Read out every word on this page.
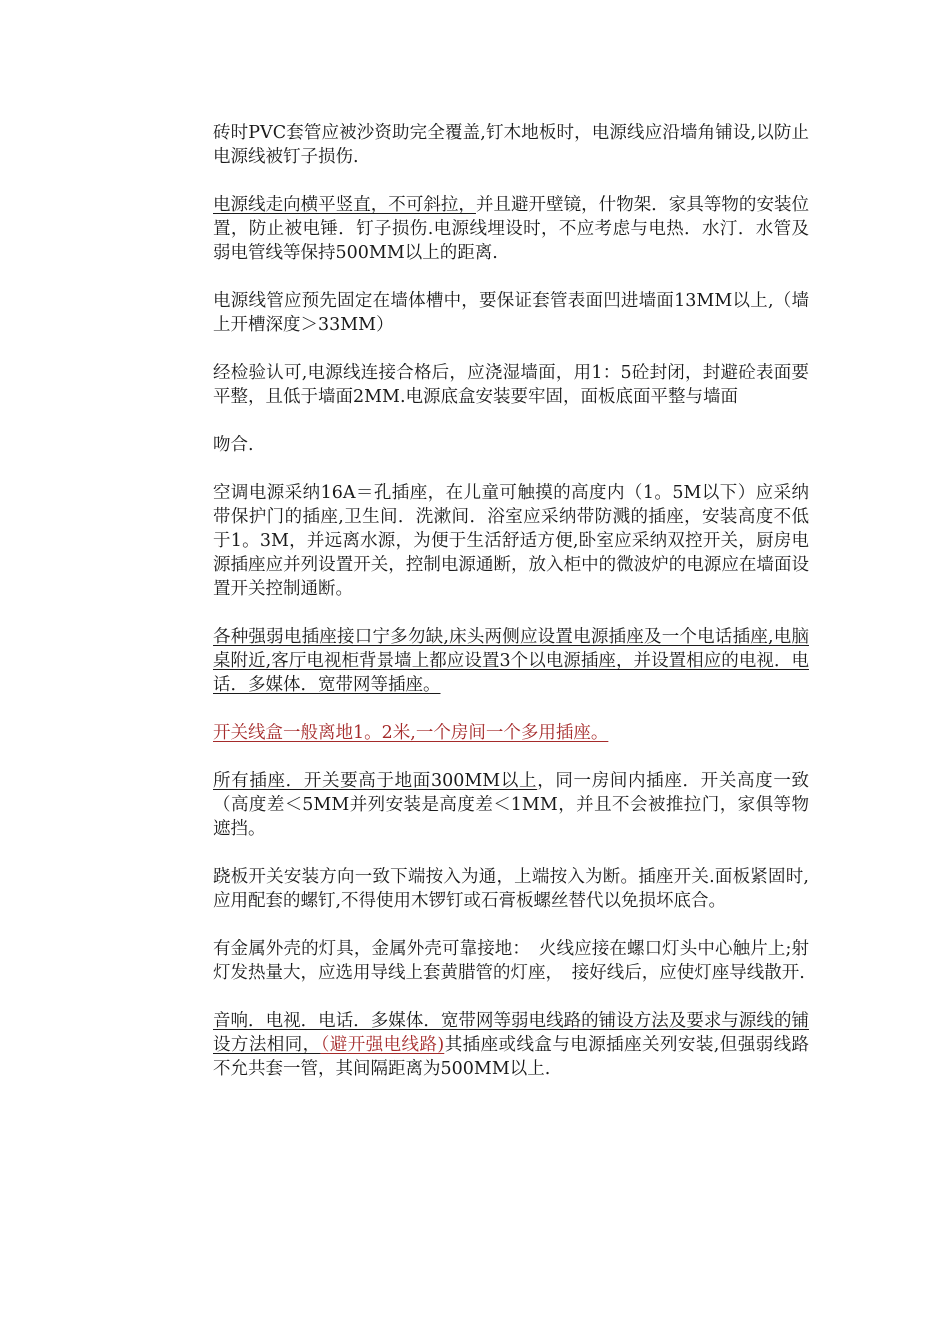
砖时PVC套管应被沙资助完全覆盖,钉木地板时，电源线应沿墙角铺设,以防止电源线被钉子损伤.

电源线走向横平竖直，不可斜拉，并且避开壁镜，什物架．家具等物的安装位置，防止被电锤．钉子损伤.电源线埋设时，不应考虑与电热．水汀．水管及弱电管线等保持500MM以上的距离.

电源线管应预先固定在墙体槽中，要保证套管表面凹进墙面13MM以上,（墙上开槽深度＞33MM）

经检验认可,电源线连接合格后，应浇湿墙面，用1：5砼封闭，封避砼表面要平整，且低于墙面2MM.电源底盒安装要牢固，面板底面平整与墙面

吻合.

空调电源采纳16A＝孔插座，在儿童可触摸的高度内（1。5M以下）应采纳带保护门的插座,卫生间．洗漱间．浴室应采纳带防溅的插座，安装高度不低于1。3M，并远离水源，为便于生活舒适方便,卧室应采纳双控开关，厨房电源插座应并列设置开关，控制电源通断，放入柜中的微波炉的电源应在墙面设置开关控制通断。

各种强弱电插座接口宁多勿缺,床头两侧应设置电源插座及一个电话插座,电脑桌附近,客厅电视柜背景墙上都应设置3个以电源插座，并设置相应的电视．电话．多媒体．宽带网等插座。

开关线盒一般离地1。2米,一个房间一个多用插座。

所有插座．开关要高于地面300MM以上，同一房间内插座．开关高度一致（高度差＜5MM并列安装是高度差＜1MM，并且不会被推拉门，家俱等物遮挡。

跷板开关安装方向一致下端按入为通，上端按入为断。插座开关.面板紧固时,应用配套的螺钉,不得使用木锣钉或石膏板螺丝替代以免损坏底合。

有金属外壳的灯具，金属外壳可靠接地：　火线应接在螺口灯头中心触片上;射灯发热量大，应选用导线上套黄腊管的灯座，　接好线后，应使灯座导线散开.

音响．电视．电话．多媒体．宽带网等弱电线路的铺设方法及要求与源线的铺设方法相同，（避开强电线路)其插座或线盒与电源插座关列安装,但强弱线路不允共套一管，其间隔距离为500MM以上.
